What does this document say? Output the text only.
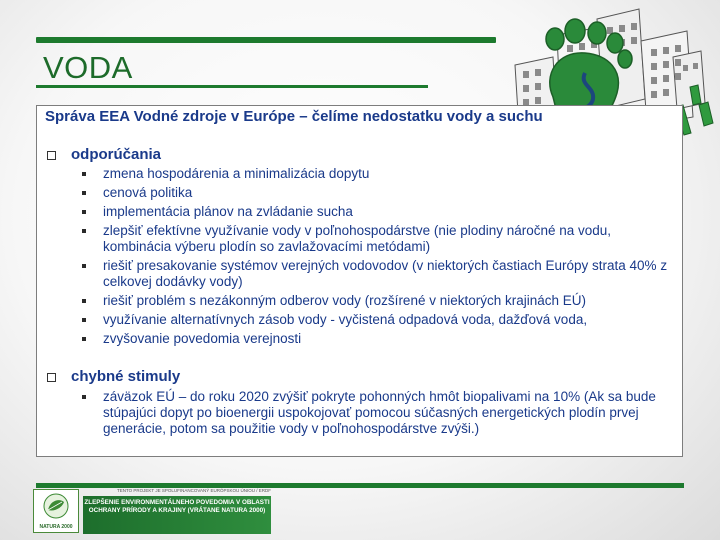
VODA

Správa EEA Vodné zdroje v Európe – čelíme nedostatku vody a suchu

odporúčania

zmena hospodárenia a minimalizácia dopytu

cenová politika

implementácia plánov na zvládanie sucha

zlepšiť efektívne využívanie vody v poľnohospodárstve (nie plodiny náročné na vodu, kombinácia výberu plodín so zavlažovacími metódami)

riešiť presakovanie systémov verejných vodovodov (v niektorých častiach Európy strata 40% z celkovej dodávky vody)

riešiť problém s nezákonným odberov vody (rozšírené v niektorých krajinách EÚ)

využívanie alternatívnych zásob vody - vyčistená odpadová voda, dažďová voda,

zvyšovanie povedomia verejnosti

chybné stimuly

záväzok EÚ – do roku 2020 zvýšiť pokryte pohonných hmôt biopalivami na 10% (Ak sa bude stúpajúci dopyt po bioenergii uspokojovať pomocou súčasných energetických plodín prvej generácie, potom sa použitie vody v poľnohospodárstve zvýši.)

NATURA 2000
TENTO PROJEKT JE SPOLUFINANCOVANÝ EURÓPSKOU ÚNIOU / ERDF
ZLEPŠENIE ENVIRONMENTÁLNEHO POVEDOMIA V OBLASTI
OCHRANY PRÍRODY A KRAJINY (VRÁTANE NATURA 2000)
